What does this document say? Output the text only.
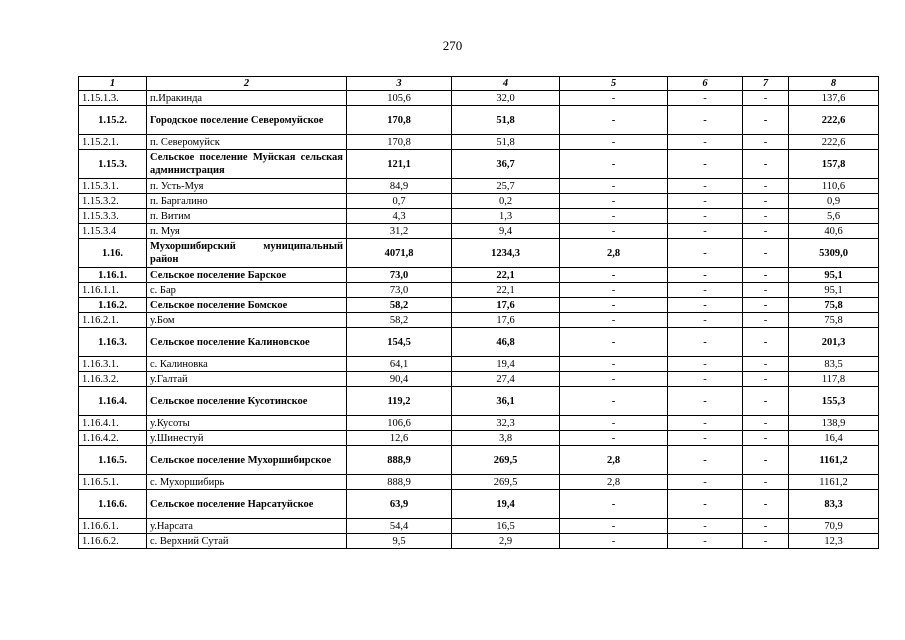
270
1	2	3	4	5	6	7	8
1.15.1.3.	п.Иракинда	105,6	32,0	-	-	-	137,6
1.15.2.	Городское поселение Северомуйское	170,8	51,8	-	-	-	222,6
1.15.2.1.	п. Северомуйск	170,8	51,8	-	-	-	222,6
1.15.3.	Сельское поселение Муйская сельская администрация	121,1	36,7	-	-	-	157,8
1.15.3.1.	п. Усть-Муя	84,9	25,7	-	-	-	110,6
1.15.3.2.	п. Баргалино	0,7	0,2	-	-	-	0,9
1.15.3.3.	п. Витим	4,3	1,3	-	-	-	5,6
1.15.3.4	п. Муя	31,2	9,4	-	-	-	40,6
1.16.	Мухоршибирский муниципальный район	4071,8	1234,3	2,8	-	-	5309,0
1.16.1.	Сельское поселение Барское	73,0	22,1	-	-	-	95,1
1.16.1.1.	с. Бар	73,0	22,1	-	-	-	95,1
1.16.2.	Сельское поселение Бомское	58,2	17,6	-	-	-	75,8
1.16.2.1.	у.Бом	58,2	17,6	-	-	-	75,8
1.16.3.	Сельское поселение Калиновское	154,5	46,8	-	-	-	201,3
1.16.3.1.	с. Калиновка	64,1	19,4	-	-	-	83,5
1.16.3.2.	у.Галтай	90,4	27,4	-	-	-	117,8
1.16.4.	Сельское поселение Кусотинское	119,2	36,1	-	-	-	155,3
1.16.4.1.	у.Кусоты	106,6	32,3	-	-	-	138,9
1.16.4.2.	у.Шинестуй	12,6	3,8	-	-	-	16,4
1.16.5.	Сельское поселение Мухоршибирское	888,9	269,5	2,8	-	-	1161,2
1.16.5.1.	с. Мухоршибирь	888,9	269,5	2,8	-	-	1161,2
1.16.6.	Сельское поселение Нарсатуйское	63,9	19,4	-	-	-	83,3
1.16.6.1.	у.Нарсата	54,4	16,5	-	-	-	70,9
1.16.6.2.	с. Верхний Сутай	9,5	2,9	-	-	-	12,3
